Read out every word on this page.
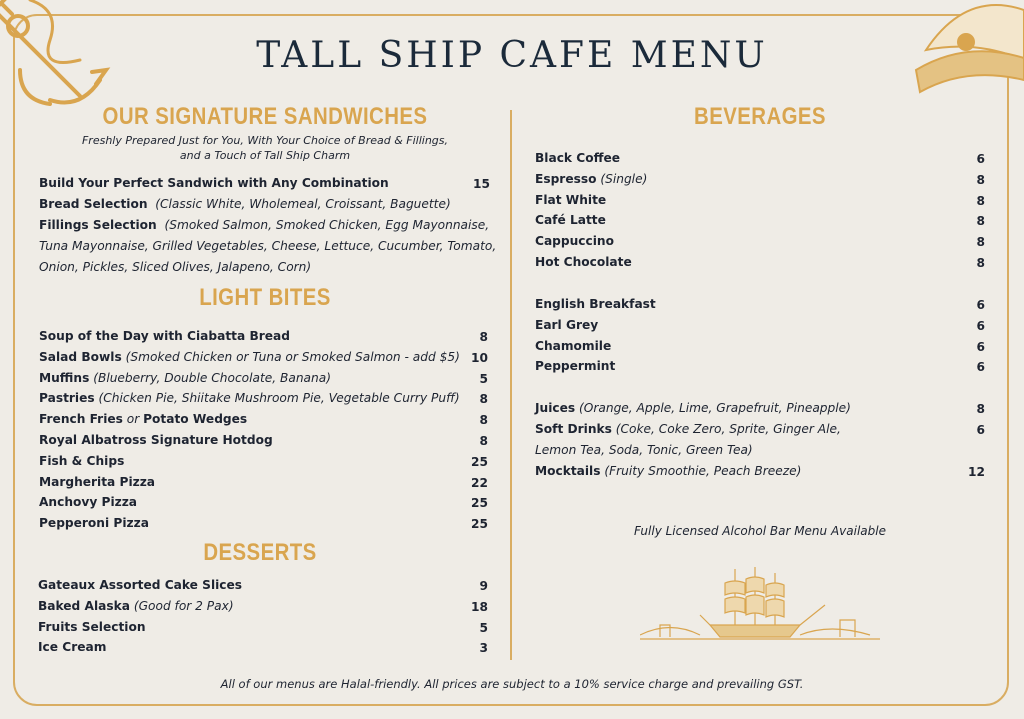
TALL SHIP CAFE MENU
OUR SIGNATURE SANDWICHES

Freshly Prepared Just for You, With Your Choice of Bread & Fillings,

and a Touch of Tall Ship Charm

Build Your Perfect Sandwich with Any Combination	15
Bread Selection (Classic White, Wholemeal, Croissant, Baguette)
Fillings Selection (Smoked Salmon, Smoked Chicken, Egg Mayonnaise,
Tuna Mayonnaise, Grilled Vegetables, Cheese, Lettuce, Cucumber, Tomato,
Onion, Pickles, Sliced Olives, Jalapeno, Corn)
LIGHT BITES
Soup of the Day with Ciabatta Bread	8
Salad Bowls (Smoked Chicken or Tuna or Smoked Salmon - add $5) 10
Muffins (Blueberry, Double Chocolate, Banana)	5
Pastries (Chicken Pie, Shiitake Mushroom Pie, Vegetable Curry Puff)	8
French Fries or Potato Wedges	8
Royal Albatross Signature Hotdog	8
Fish & Chips	25
Margherita Pizza	22
Anchovy Pizza	25
Pepperoni Pizza	25
DESSERTS
Gateaux Assorted Cake Slices	9
Baked Alaska (Good for 2 Pax)	18
Fruits Selection	5
Ice Cream	3
BEVERAGES
Black Coffee	6
Espresso (Single)	8
Flat White	8
Café Latte	8
Cappuccino	8
Hot Chocolate	8
English Breakfast	6
Earl Grey	6
Chamomile	6
Peppermint	6
Juices (Orange, Apple, Lime, Grapefruit, Pineapple)	8
Soft Drinks (Coke, Coke Zero, Sprite, Ginger Ale,	6
Lemon Tea, Soda, Tonic, Green Tea)
Mocktails (Fruity Smoothie, Peach Breeze)	12

Fully Licensed Alcohol Bar Menu Available

All of our menus are Halal-friendly. All prices are subject to a 10% service charge and prevailing GST.
